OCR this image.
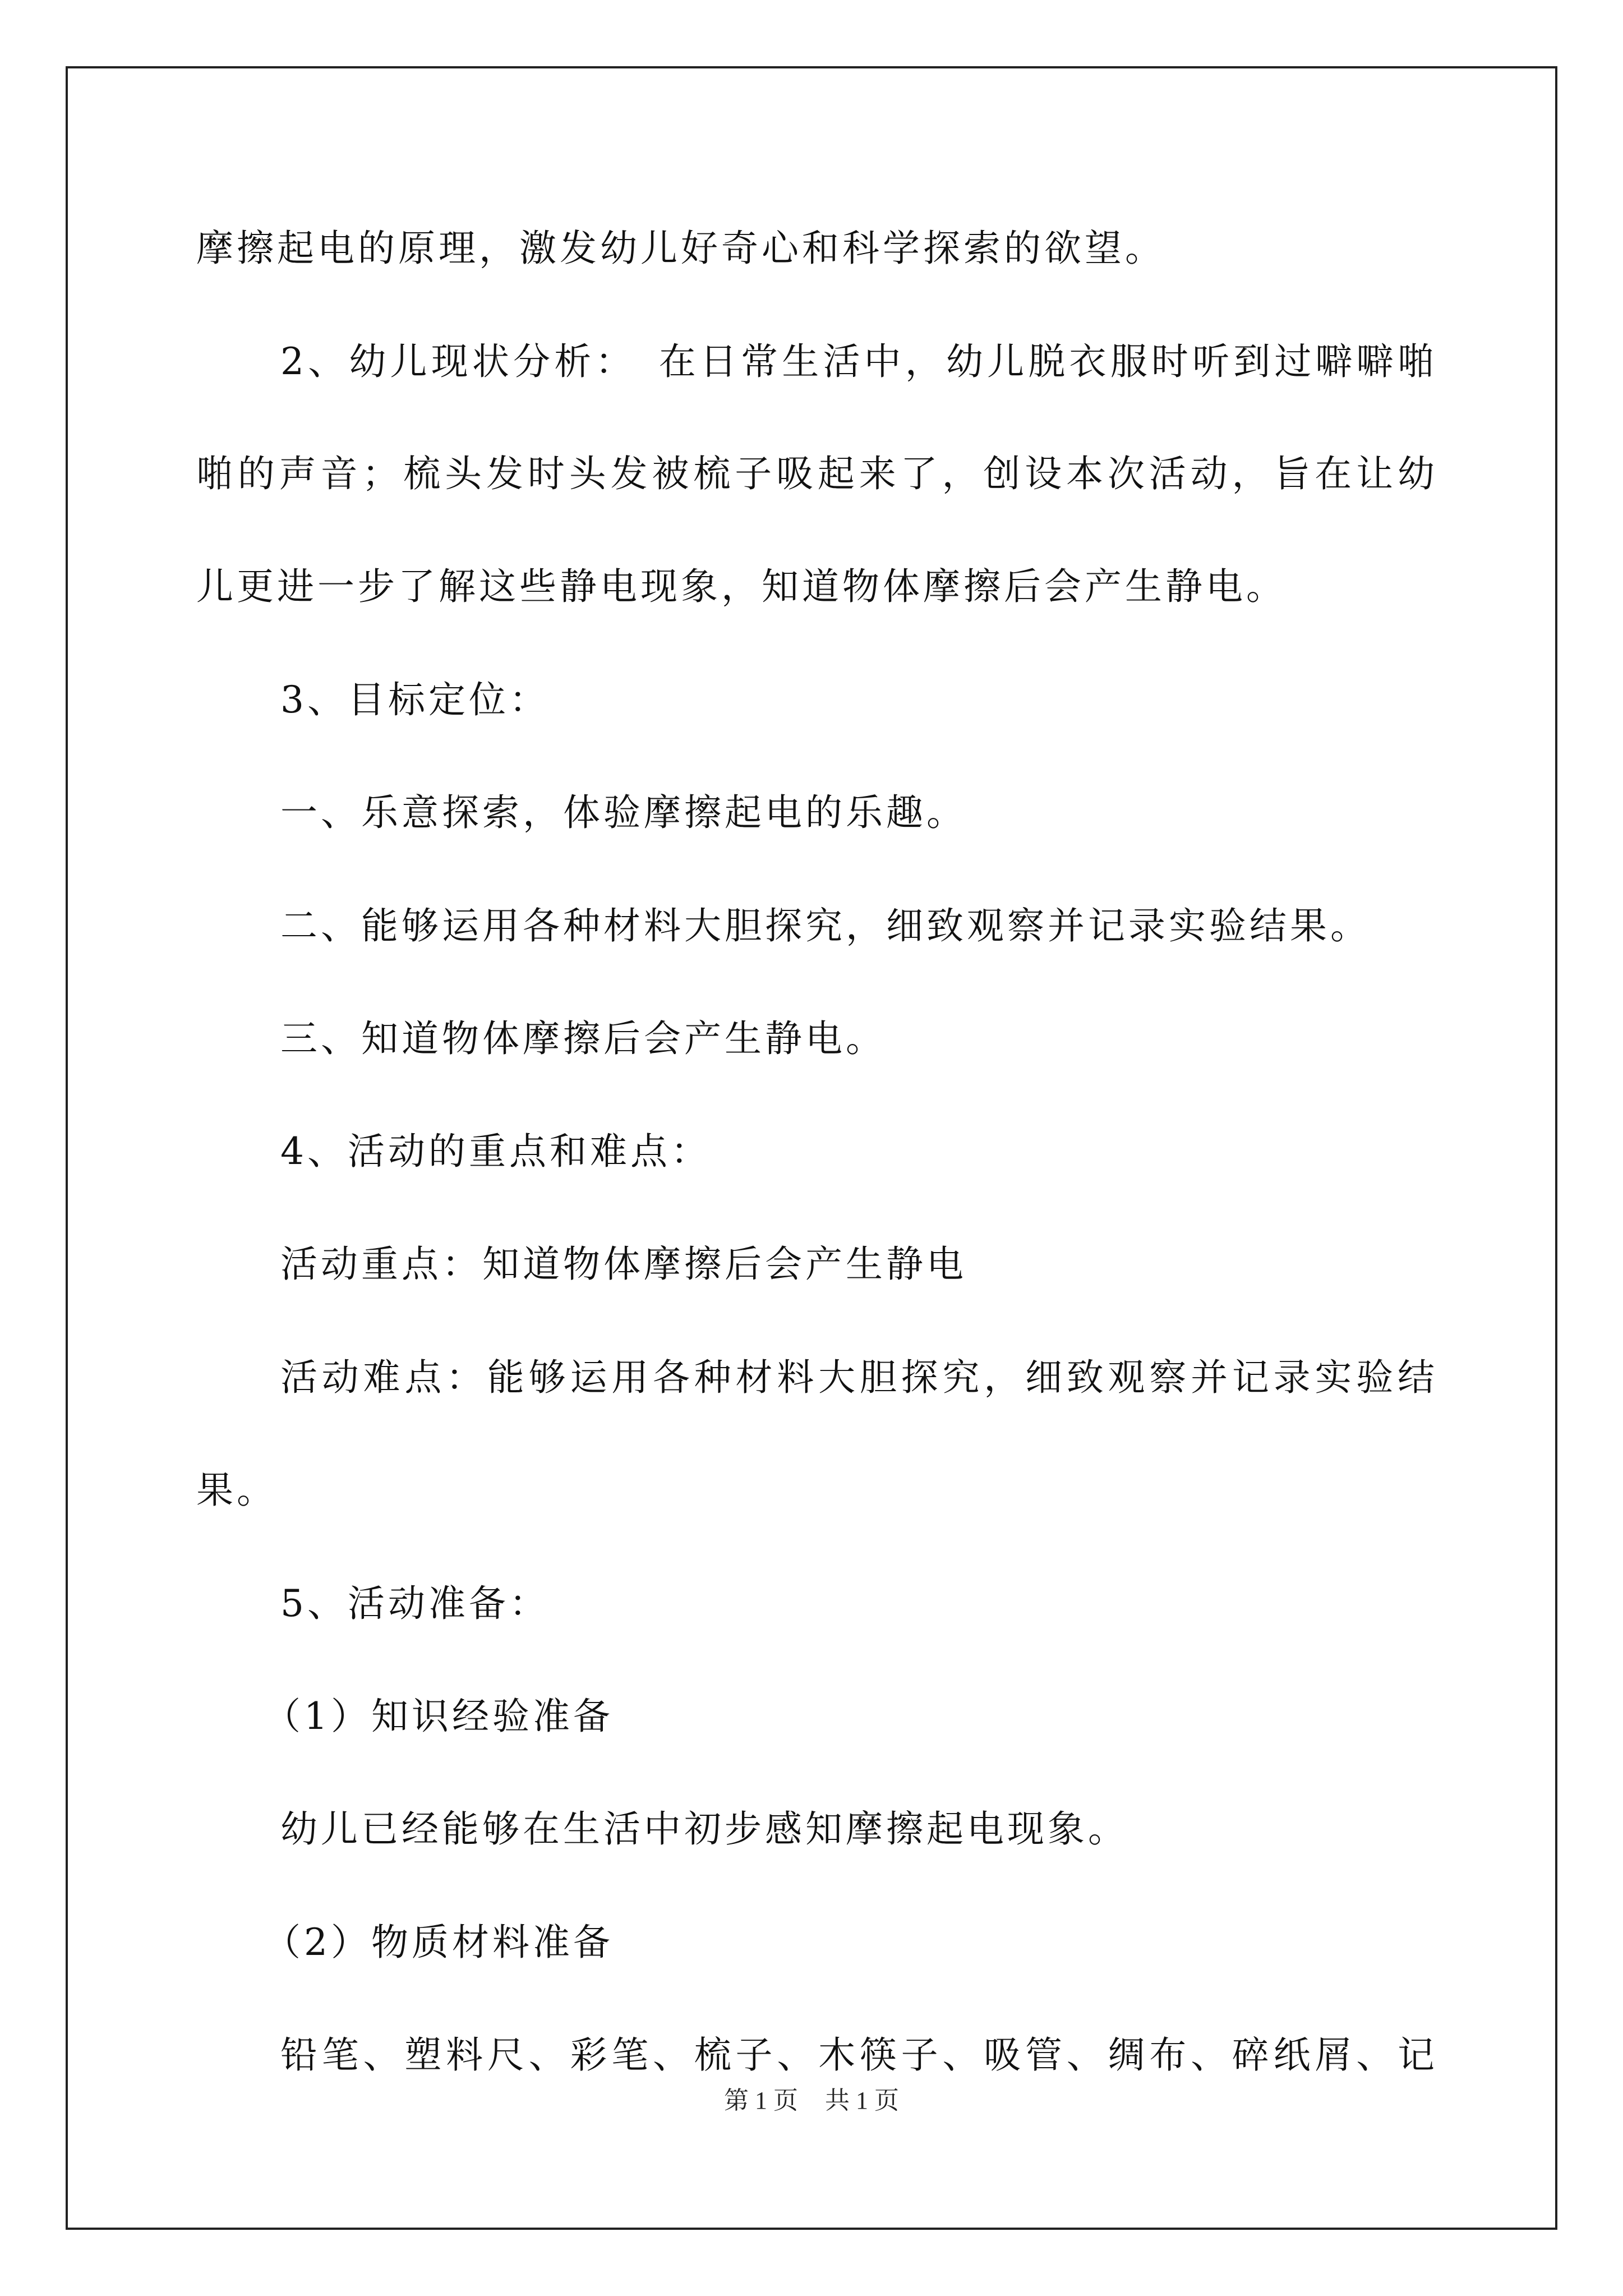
摩擦起电的原理，激发幼儿好奇心和科学探索的欲望。
2、幼儿现状分析：　在日常生活中，幼儿脱衣服时听到过噼噼啪
啪的声音；梳头发时头发被梳子吸起来了，创设本次活动，旨在让幼
儿更进一步了解这些静电现象，知道物体摩擦后会产生静电。
3、目标定位：
一、乐意探索，体验摩擦起电的乐趣。
二、能够运用各种材料大胆探究，细致观察并记录实验结果。
三、知道物体摩擦后会产生静电。
4、活动的重点和难点：
活动重点：知道物体摩擦后会产生静电
活动难点：能够运用各种材料大胆探究，细致观察并记录实验结
果。
5、活动准备：
（1）知识经验准备
幼儿已经能够在生活中初步感知摩擦起电现象。
（2）物质材料准备
铅笔、塑料尺、彩笔、梳子、木筷子、吸管、绸布、碎纸屑、记
第 1 页 共 1 页
